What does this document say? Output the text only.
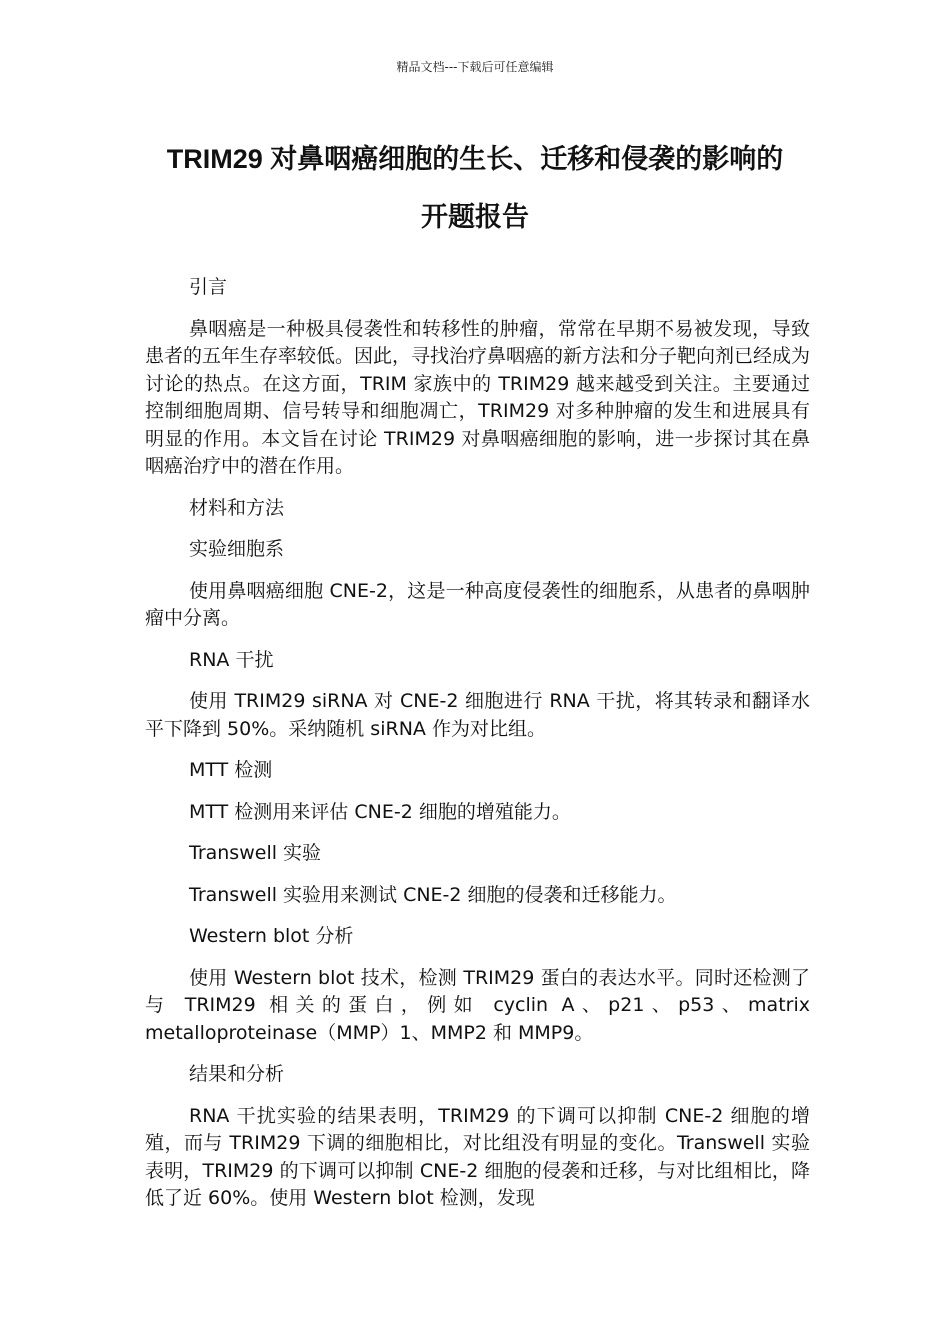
精品文档---下载后可任意编辑
TRIM29 对鼻咽癌细胞的生长、迁移和侵袭的影响的
开题报告

引言

鼻咽癌是一种极具侵袭性和转移性的肿瘤，常常在早期不易被发现，导致患者的五年生存率较低。因此，寻找治疗鼻咽癌的新方法和分子靶向剂已经成为讨论的热点。在这方面，TRIM 家族中的 TRIM29 越来越受到关注。主要通过控制细胞周期、信号转导和细胞凋亡，TRIM29 对多种肿瘤的发生和进展具有明显的作用。本文旨在讨论 TRIM29 对鼻咽癌细胞的影响，进一步探讨其在鼻咽癌治疗中的潜在作用。

材料和方法

实验细胞系

使用鼻咽癌细胞 CNE-2，这是一种高度侵袭性的细胞系，从患者的鼻咽肿瘤中分离。

RNA 干扰

使用 TRIM29 siRNA 对 CNE-2 细胞进行 RNA 干扰，将其转录和翻译水平下降到 50%。采纳随机 siRNA 作为对比组。

MTT 检测

MTT 检测用来评估 CNE-2 细胞的增殖能力。

Transwell 实验

Transwell 实验用来测试 CNE-2 细胞的侵袭和迁移能力。

Western blot 分析

使用 Western blot 技术，检测 TRIM29 蛋白的表达水平。同时还检测了与 TRIM29 相关的蛋白，例如 cyclin A、p21、p53、matrix metalloproteinase（MMP）1、MMP2 和 MMP9。

结果和分析

RNA 干扰实验的结果表明，TRIM29 的下调可以抑制 CNE-2 细胞的增殖，而与 TRIM29 下调的细胞相比，对比组没有明显的变化。Transwell 实验表明，TRIM29 的下调可以抑制 CNE-2 细胞的侵袭和迁移，与对比组相比，降低了近 60%。使用 Western blot 检测，发现
